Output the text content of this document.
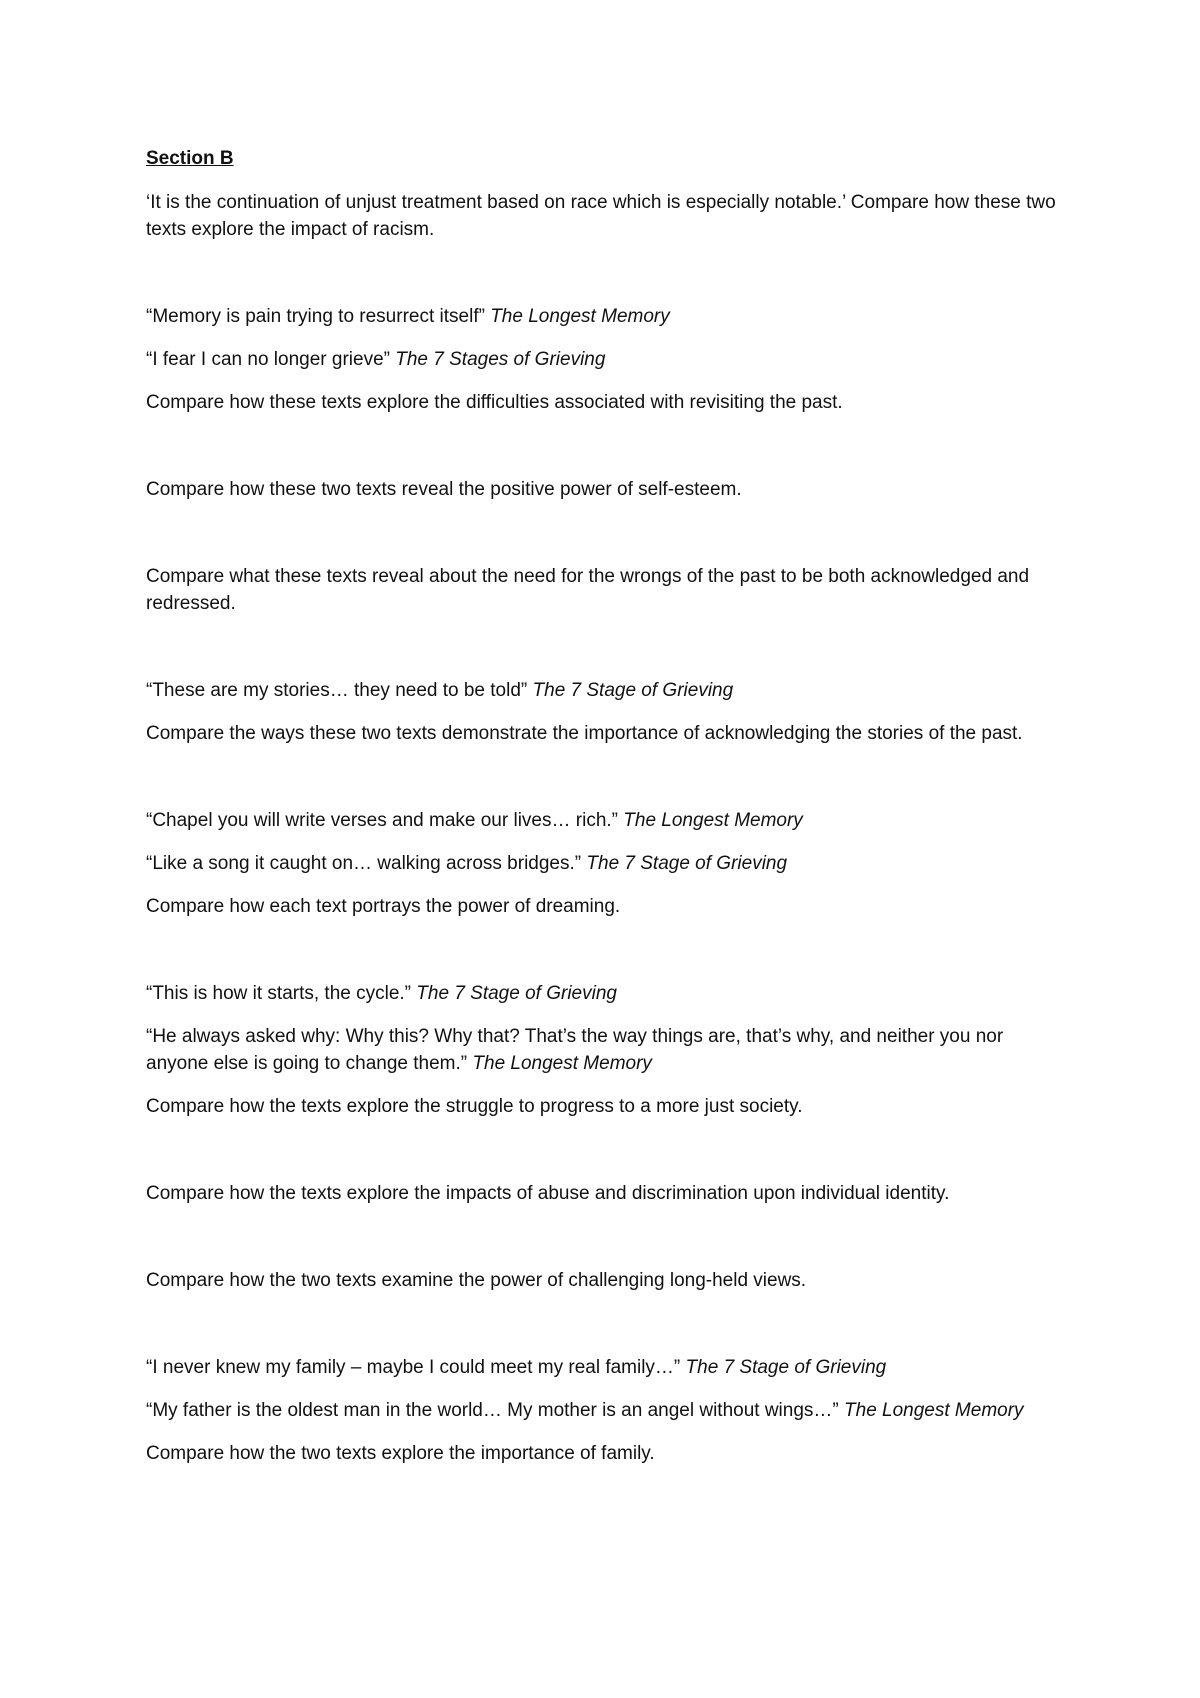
Section B

‘It is the continuation of unjust treatment based on race which is especially notable.’ Compare how these two texts explore the impact of racism.

“Memory is pain trying to resurrect itself” The Longest Memory

“I fear I can no longer grieve” The 7 Stages of Grieving

Compare how these texts explore the difficulties associated with revisiting the past.

Compare how these two texts reveal the positive power of self-esteem.

Compare what these texts reveal about the need for the wrongs of the past to be both acknowledged and redressed.

“These are my stories… they need to be told” The 7 Stage of Grieving

Compare the ways these two texts demonstrate the importance of acknowledging the stories of the past.

“Chapel you will write verses and make our lives… rich.” The Longest Memory

“Like a song it caught on… walking across bridges.” The 7 Stage of Grieving

Compare how each text portrays the power of dreaming.

“This is how it starts, the cycle.” The 7 Stage of Grieving

“He always asked why: Why this? Why that? That’s the way things are, that’s why, and neither you nor anyone else is going to change them.” The Longest Memory

Compare how the texts explore the struggle to progress to a more just society.

Compare how the texts explore the impacts of abuse and discrimination upon individual identity.

Compare how the two texts examine the power of challenging long-held views.

“I never knew my family – maybe I could meet my real family…” The 7 Stage of Grieving

“My father is the oldest man in the world… My mother is an angel without wings…” The Longest Memory

Compare how the two texts explore the importance of family.
